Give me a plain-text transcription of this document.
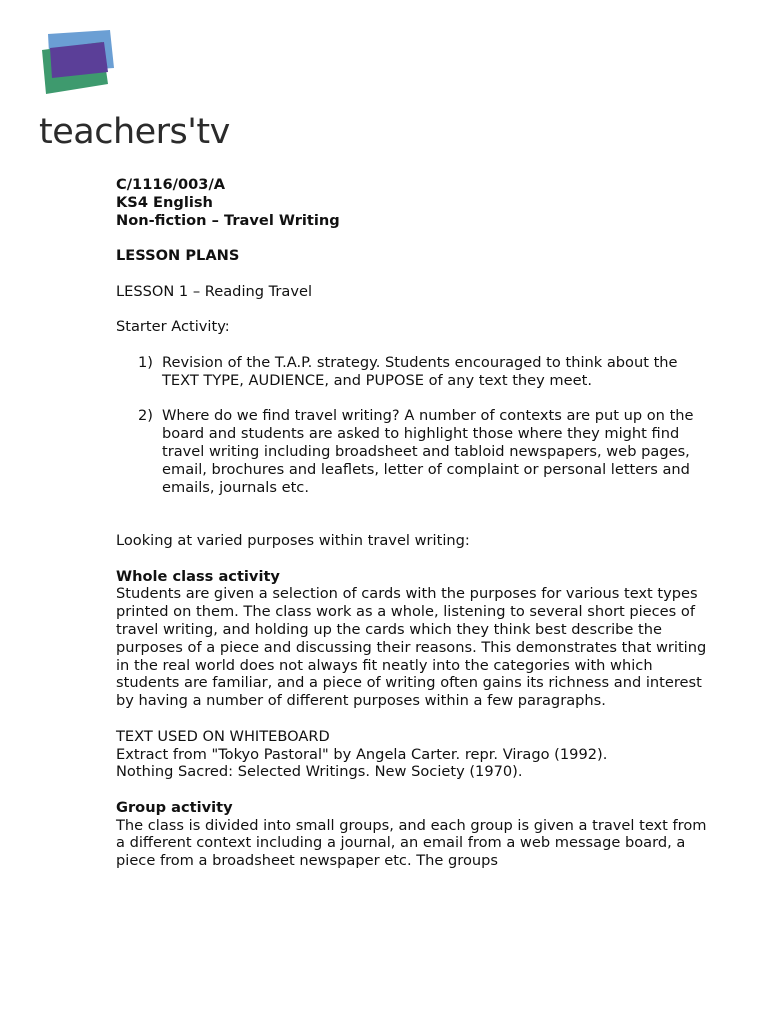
teachers'tv

C/1116/003/A

KS4 English

Non-fiction – Travel Writing

LESSON PLANS

LESSON 1 – Reading Travel

Starter Activity:

1) Revision of the T.A.P. strategy. Students encouraged to think about the TEXT TYPE, AUDIENCE, and PUPOSE of any text they meet.
2) Where do we find travel writing? A number of contexts are put up on the board and students are asked to highlight those where they might find travel writing including broadsheet and tabloid newspapers, web pages, email, brochures and leaflets, letter of complaint or personal letters and emails, journals etc.

Looking at varied purposes within travel writing:

Whole class activity

Students are given a selection of cards with the purposes for various text types printed on them. The class work as a whole, listening to several short pieces of travel writing, and holding up the cards which they think best describe the purposes of a piece and discussing their reasons. This demonstrates that writing in the real world does not always fit neatly into the categories with which students are familiar, and a piece of writing often gains its richness and interest by having a number of different purposes within a few paragraphs.

TEXT USED ON WHITEBOARD

Extract from "Tokyo Pastoral" by Angela Carter. repr. Virago (1992).

Nothing Sacred: Selected Writings. New Society (1970).

Group activity

The class is divided into small groups, and each group is given a travel text from a different context including a journal, an email from a web message board, a piece from a broadsheet newspaper etc. The groups
